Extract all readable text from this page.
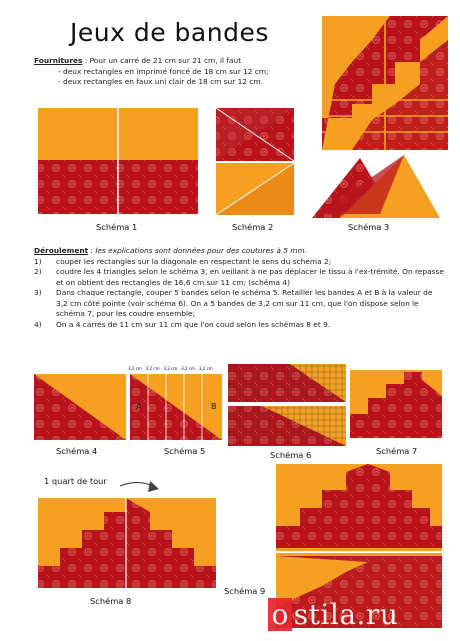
Jeux de bandes
Fournitures : Pour un carré de 21 cm sur 21 cm, il faut
- deux rectangles en imprimé foncé de 18 cm sur 12 cm;
- deux rectangles en faux uni clair de 18 cm sur 12 cm.
Schéma 1	Schéma 2	Schéma 3
Déroulement : les explications sont données pour des coutures à 5 mm.
1)	couper les rectangles sur la diagonale en respectant le sens du schéma 2;
2)	coudre les 4 triangles selon le schéma 3, en veillant à ne pas déplacer le tissu à l'ex-trémité. On repasse et on obtient des rectangles de 16,6 cm sur 11 cm; (schéma 4)
3)	Dans chaque rectangle, couper 5 bandes selon le schéma 5. Retailler les bandes A et B à la valeur de 3,2 cm côté pointe (voir schéma 6). On a 5 bandes de 3,2 cm sur 11 cm, que l'on dispose selon le schéma 7, pour les coudre ensemble;
4)	On a 4 carrés de 11 cm sur 11 cm que l'on coud selon les schémas 8 et 9.
3,2 cm 3,2 cm 3,2 cm 3,2 cm 3,2 cm
A	B
Schéma 4	Schéma 5	Schéma 6	Schéma 7
1 quart de tour
Schéma 8
Schéma 9
p o stila.ru
